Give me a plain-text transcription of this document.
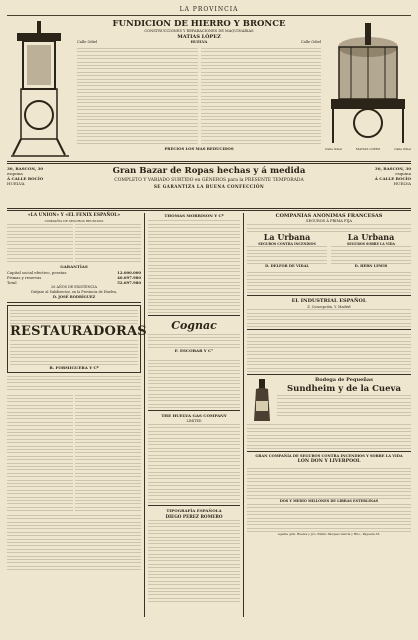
LA PROVINCIA
FUNDICION DE HIERRO Y BRONCE
CONSTRUCCIONES Y REPARACIONES DE MAQUINARIAS
MATIAS LÓPEZ
Calle Odiel	HUELVA	Calle Odiel
PRECIOS LOS MAS REDUCIDOS	Calle Odiel	MATIAS LÓPEZ	Calle Odiel
30, RASCON, 30
esquina
Á CALLE ROCÍO
HUELVA
Gran Bazar de Ropas hechas y á medida
COMPLETO Y VARIADO SURTIDO en GÉNEROS para la PRESENTE TEMPORADA
SE GARANTIZA LA BUENA CONFECCIÓN
30, RASCON, 30
esquina
Á CALLE ROCÍO
HUELVA
«LA UNION» Y «EL FENIX ESPAÑOL»
COMPAÑÍA DE SEGUROS REUNIDOS
GARANTÍAS
Capital social efectivo, pesetas	12.000.000
Primas y reservas	40.697.980
Total	52.697.980
26 AÑOS DE EXISTENCIA
Diríjase al Subdirector, en la Provincia de Huelva,
D. JOSÉ RODRÍGUEZ
RESTAURADORAS
B. FORMIGUERA Y Cª
THOMAS MORRISON Y Cª
Cognac
F. ESCOBAR Y C°
THE HUELVA GAS COMPANY
LIMITED
TIPOGRAFÍA ESPAÑOLA
DIEGO PEREZ ROMERO
COMPAÑÍAS ANÓNIMAS FRANCESAS
SEGUROS Á PRIMA FIJA
La Urbana
SEGUROS CONTRA INCENDIOS
D. DELFOR DE VIDAL
La Urbana
SEGUROS SOBRE LA VIDA
D. HERN LEWIS
EL INDUSTRIAL ESPAÑOL
Z. Concepción, Y. Madrid
Bodega de Pequeñas
Sundheim y de la Cueva
GRAN COMPAÑÍA DE SEGUROS CONTRA INCENDIOS Y SOBRE LA VIDA
LON DON Y LIVERPOOL
DOS Y MEDIO MILLONES DE LIBRAS ESTERLINAS
Agente gral. Huelva y pro. Emilio Vázquez García y Hno., Paguera 33.
